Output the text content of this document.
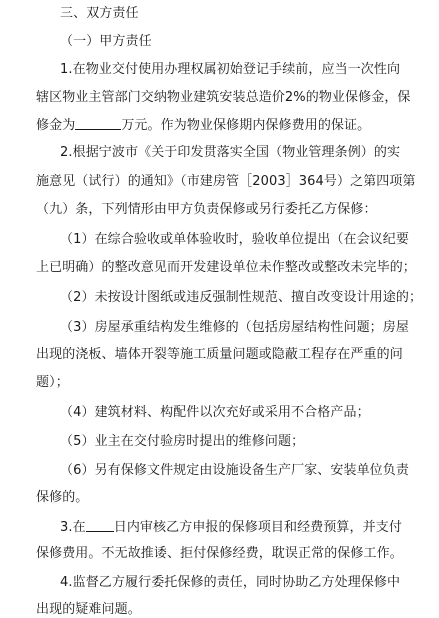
三、双方责任
（一）甲方责任
1.在物业交付使用办理权属初始登记手续前，应当一次性向
辖区物业主管部门交纳物业建筑安装总造价2%的物业保修金，保
修金为	万元。作为物业保修期内保修费用的保证。
2.根据宁波市《关于印发贯落实全国（物业管理条例）的实
施意见（试行）的通知》（市建房管［2003］364号）之第四项第
（九）条，下列情形由甲方负责保修或另行委托乙方保修：
（1）在综合验收或单体验收时，验收单位提出（在会议纪要
上已明确）的整改意见而开发建设单位未作整改或整改未完毕的；
（2）未按设计图纸或违反强制性规范、擅自改变设计用途的；
（3）房屋承重结构发生维修的（包括房屋结构性问题；房屋
出现的浇板、墙体开裂等施工质量问题或隐蔽工程存在严重的问
题）；
（4）建筑材料、构配件以次充好或采用不合格产品；
（5）业主在交付验房时提出的维修问题；
（6）另有保修文件规定由设施设备生产厂家、安装单位负责
保修的。
3.在 日内审核乙方申报的保修项目和经费预算，并支付
保修费用。不无故推诿、拒付保修经费，耽误正常的保修工作。
4.监督乙方履行委托保修的责任，同时协助乙方处理保修中
出现的疑难问题。
